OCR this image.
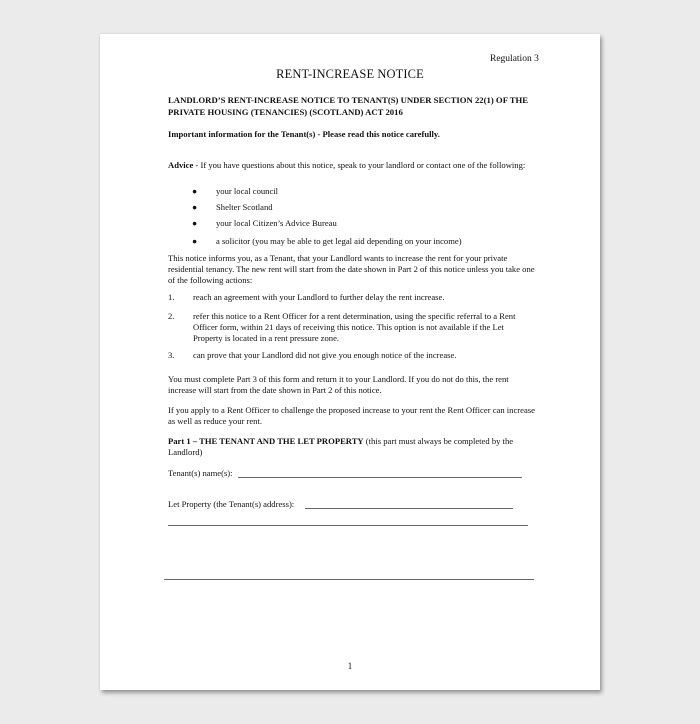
Regulation 3
RENT-INCREASE NOTICE
LANDLORD’S RENT-INCREASE NOTICE TO TENANT(S) UNDER SECTION 22(1) OF THE PRIVATE HOUSING (TENANCIES) (SCOTLAND) ACT 2016
Important information for the Tenant(s) - Please read this notice carefully.
Advice - If you have questions about this notice, speak to your landlord or contact one of the following:
● your local council
● Shelter Scotland
● your local Citizen’s Advice Bureau
● a solicitor (you may be able to get legal aid depending on your income)
This notice informs you, as a Tenant, that your Landlord wants to increase the rent for your private residential tenancy. The new rent will start from the date shown in Part 2 of this notice unless you take one of the following actions:
1. reach an agreement with your Landlord to further delay the rent increase.
2. refer this notice to a Rent Officer for a rent determination, using the specific referral to a Rent Officer form, within 21 days of receiving this notice. This option is not available if the Let Property is located in a rent pressure zone.
3. can prove that your Landlord did not give you enough notice of the increase.
You must complete Part 3 of this form and return it to your Landlord. If you do not do this, the rent increase will start from the date shown in Part 2 of this notice.
If you apply to a Rent Officer to challenge the proposed increase to your rent the Rent Officer can increase as well as reduce your rent.
Part 1 – THE TENANT AND THE LET PROPERTY (this part must always be completed by the Landlord)
Tenant(s) name(s):
Let Property (the Tenant(s) address):
1
